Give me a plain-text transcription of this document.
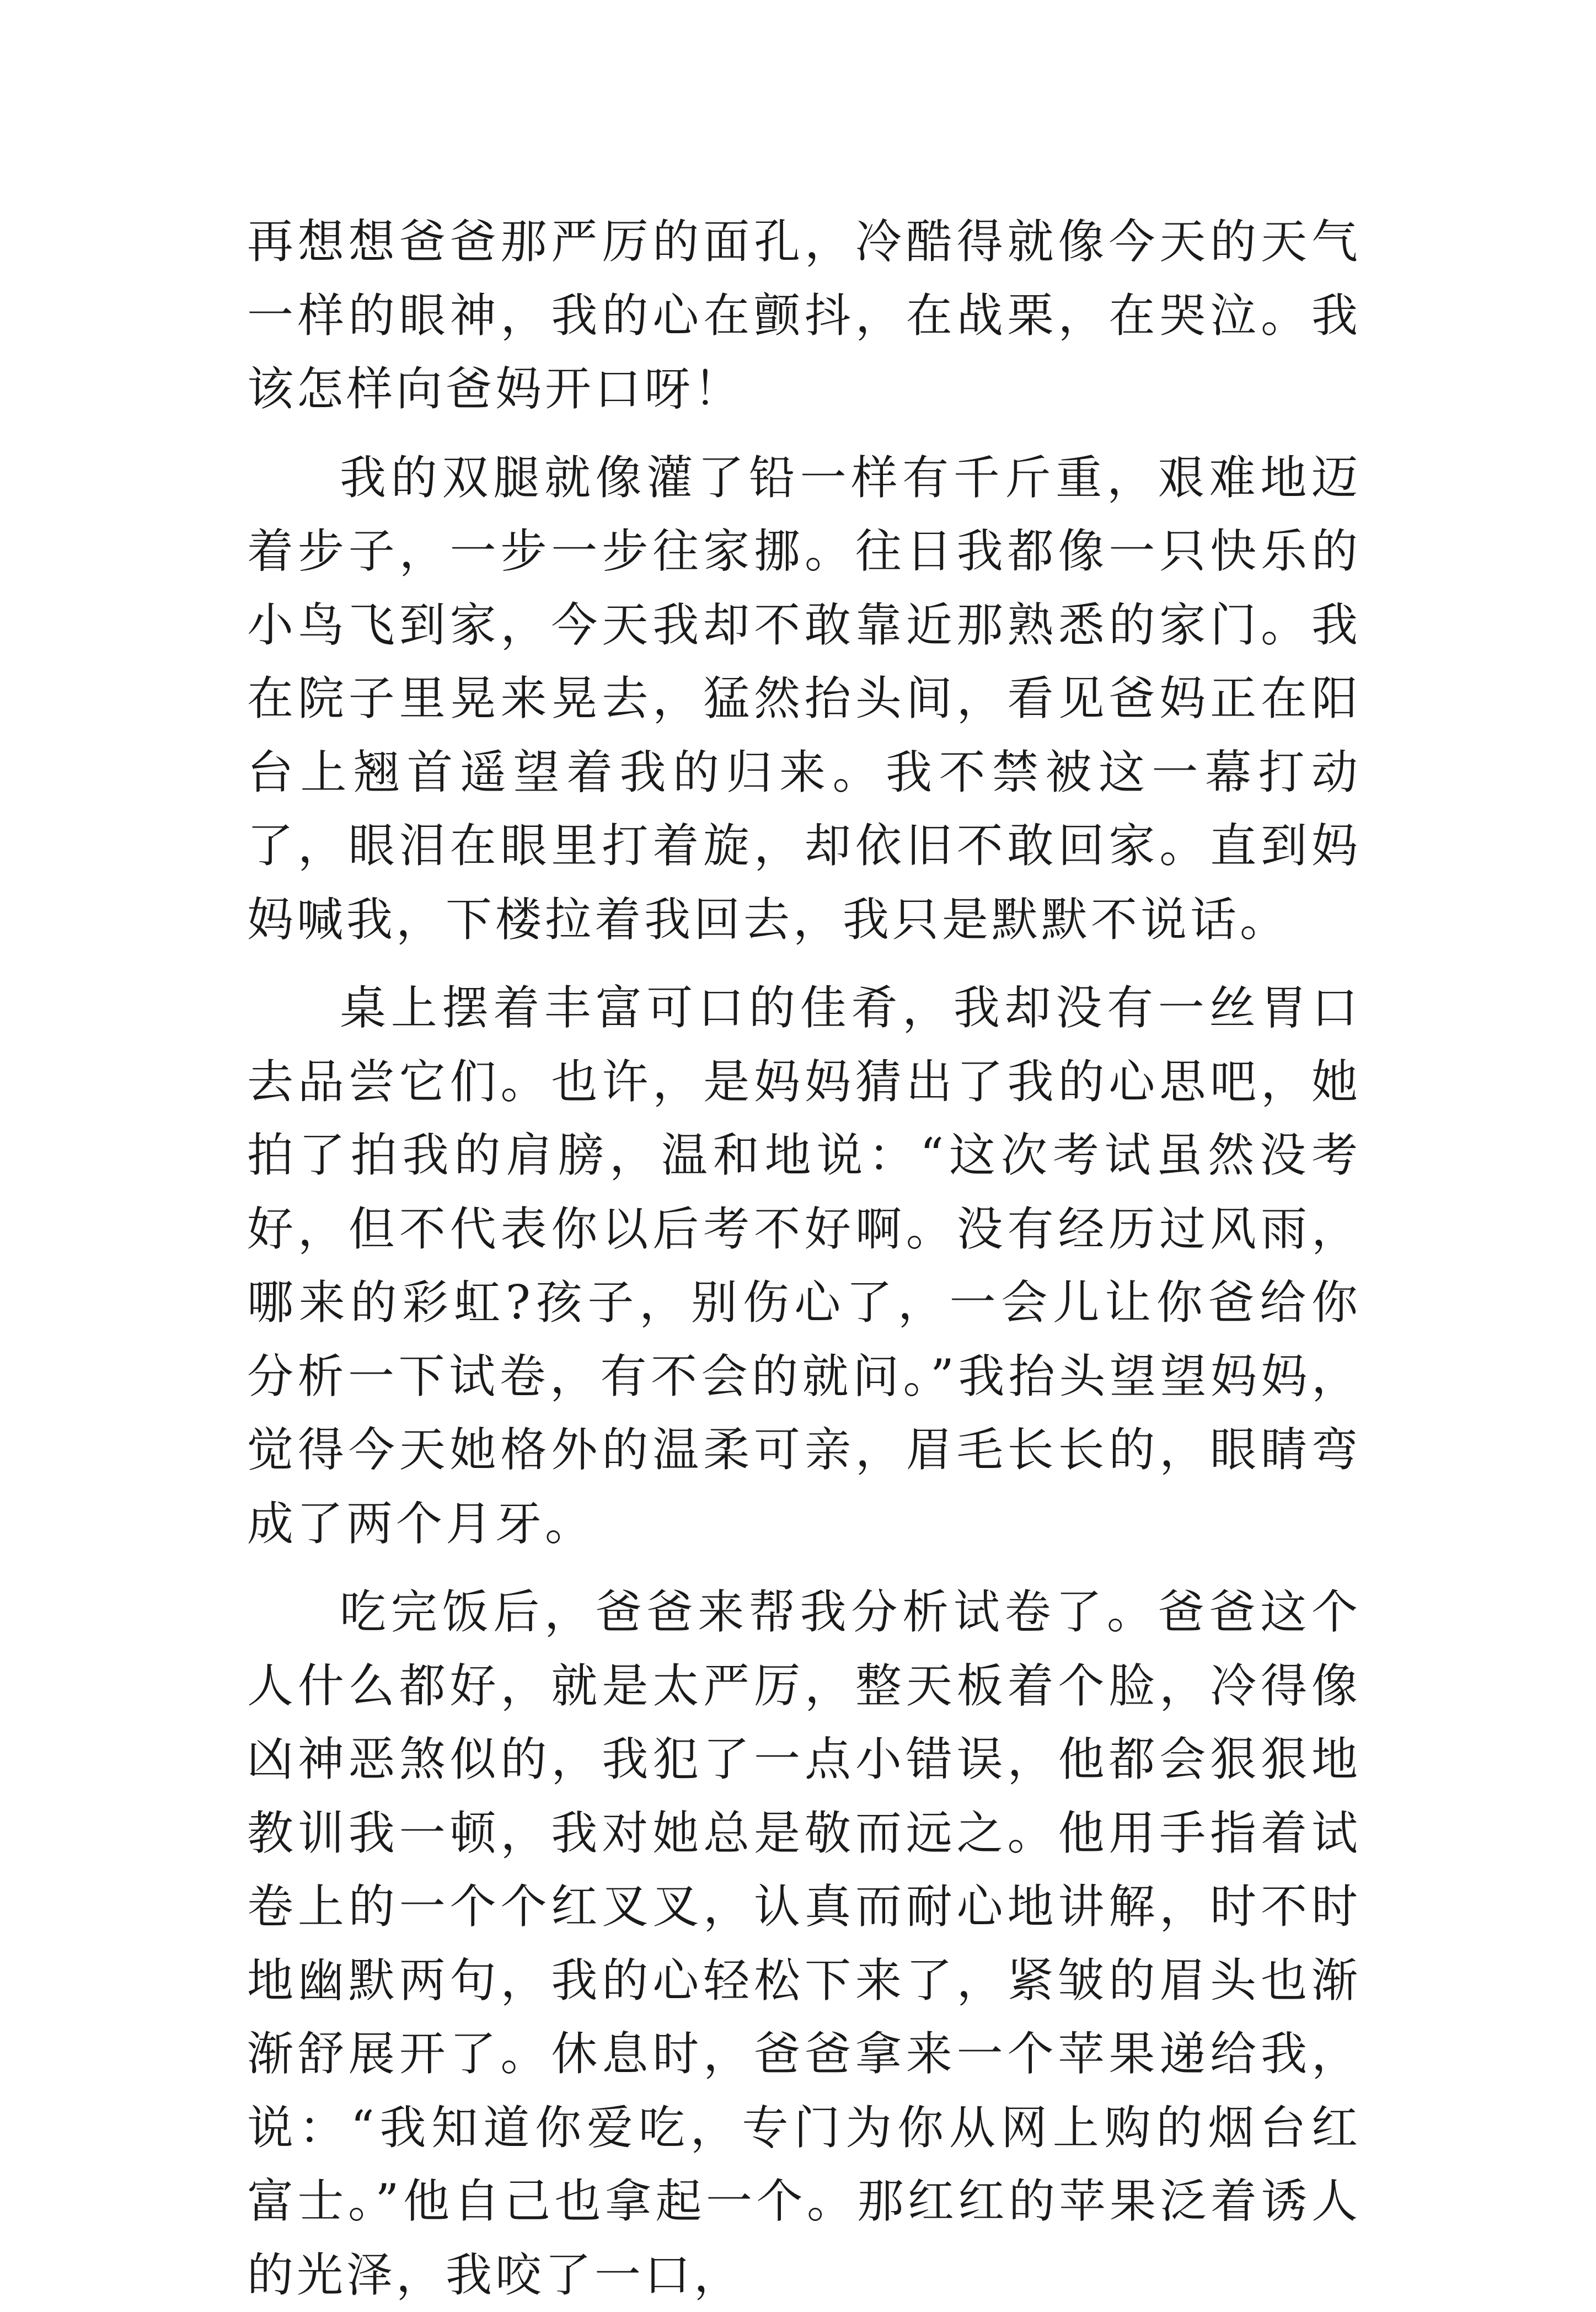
再想想爸爸那严厉的面孔，冷酷得就像今天的天气一样的眼神，我的心在颤抖，在战栗，在哭泣。我该怎样向爸妈开口呀！

我的双腿就像灌了铅一样有千斤重，艰难地迈着步子，一步一步往家挪。往日我都像一只快乐的小鸟飞到家，今天我却不敢靠近那熟悉的家门。我在院子里晃来晃去，猛然抬头间，看见爸妈正在阳台上翘首遥望着我的归来。我不禁被这一幕打动了，眼泪在眼里打着旋，却依旧不敢回家。直到妈妈喊我，下楼拉着我回去，我只是默默不说话。

桌上摆着丰富可口的佳肴，我却没有一丝胃口去品尝它们。也许，是妈妈猜出了我的心思吧，她拍了拍我的肩膀，温和地说：“这次考试虽然没考好，但不代表你以后考不好啊。没有经历过风雨，哪来的彩虹?孩子，别伤心了，一会儿让你爸给你分析一下试卷，有不会的就问。”我抬头望望妈妈，觉得今天她格外的温柔可亲，眉毛长长的，眼睛弯成了两个月牙。

吃完饭后，爸爸来帮我分析试卷了。爸爸这个人什么都好，就是太严厉，整天板着个脸，冷得像凶神恶煞似的，我犯了一点小错误，他都会狠狠地教训我一顿，我对她总是敬而远之。他用手指着试卷上的一个个红叉叉，认真而耐心地讲解，时不时地幽默两句，我的心轻松下来了，紧皱的眉头也渐渐舒展开了。休息时，爸爸拿来一个苹果递给我，说：“我知道你爱吃，专门为你从网上购的烟台红富士。”他自己也拿起一个。那红红的苹果泛着诱人的光泽，我咬了一口，
